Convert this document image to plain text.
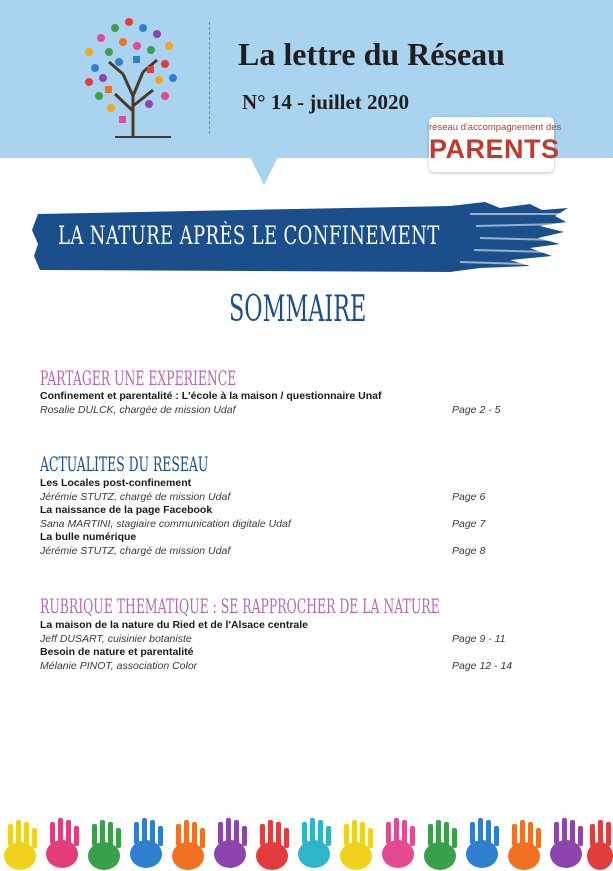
La lettre du Réseau
N° 14 - juillet 2020
réseau d'accompagnement des
PARENTS
LA NATURE APRÈS LE CONFINEMENT
SOMMAIRE
PARTAGER UNE EXPERIENCE
Confinement et parentalité : L'école à la maison / questionnaire Unaf
Rosalie DULCK, chargée de mission Udaf	Page 2 - 5
ACTUALITES DU RESEAU
Les Locales post-confinement
Jérémie STUTZ, chargé de mission Udaf	Page 6
La naissance de la page Facebook
Sana MARTINI, stagiaire communication digitale Udaf	Page 7
La bulle numérique
Jérémie STUTZ, chargé de mission Udaf	Page 8
RUBRIQUE THEMATIQUE : SE RAPPROCHER DE LA NATURE
La maison de la nature du Ried et de l'Alsace centrale
Jeff DUSART, cuisinier botaniste	Page 9 - 11
Besoin de nature et parentalité
Mélanie PINOT, association Color	Page 12 - 14
